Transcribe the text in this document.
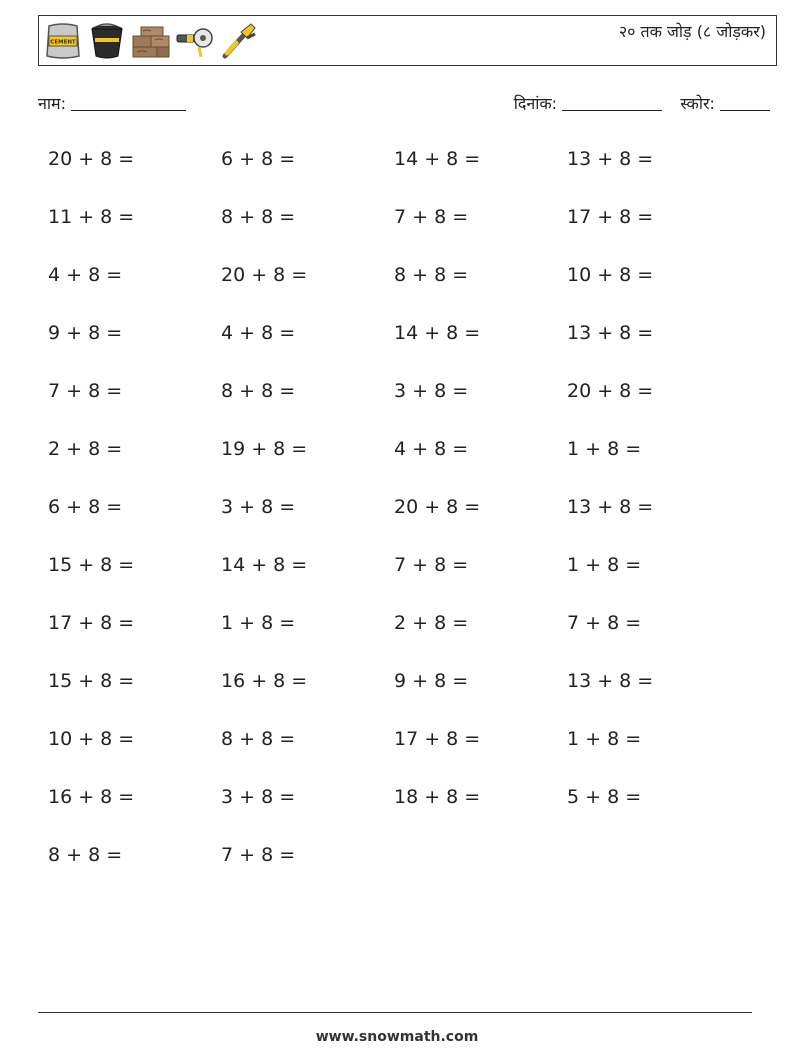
CEMENT
२० तक जोड़ (८ जोड़कर)
नाम:	दिनांक:	स्कोर:
20 + 8 =	6 + 8 =	14 + 8 =	13 + 8 =
11 + 8 =	8 + 8 =	7 + 8 =	17 + 8 =
4 + 8 =	20 + 8 =	8 + 8 =	10 + 8 =
9 + 8 =	4 + 8 =	14 + 8 =	13 + 8 =
7 + 8 =	8 + 8 =	3 + 8 =	20 + 8 =
2 + 8 =	19 + 8 =	4 + 8 =	1 + 8 =
6 + 8 =	3 + 8 =	20 + 8 =	13 + 8 =
15 + 8 =	14 + 8 =	7 + 8 =	1 + 8 =
17 + 8 =	1 + 8 =	2 + 8 =	7 + 8 =
15 + 8 =	16 + 8 =	9 + 8 =	13 + 8 =
10 + 8 =	8 + 8 =	17 + 8 =	1 + 8 =
16 + 8 =	3 + 8 =	18 + 8 =	5 + 8 =
8 + 8 =	7 + 8 =
www.snowmath.com
